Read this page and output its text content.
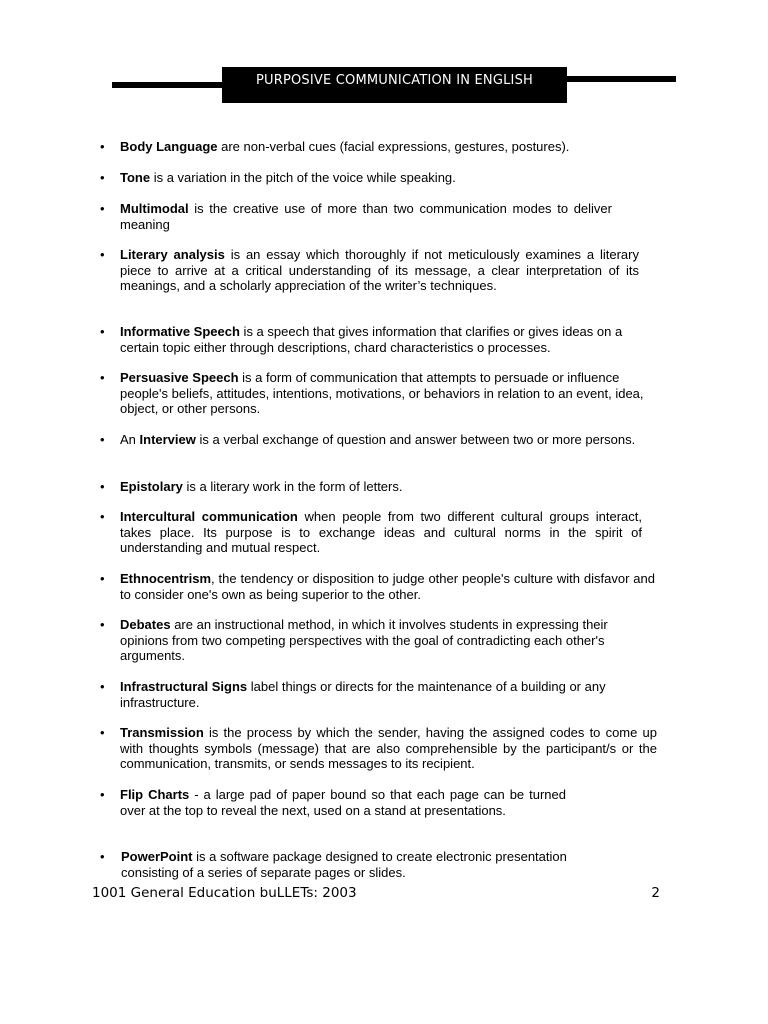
PURPOSIVE COMMUNICATION IN ENGLISH
• Body Language are non-verbal cues (facial expressions, gestures, postures).
• Tone is a variation in the pitch of the voice while speaking.
• Multimodal is the creative use of more than two communication modes to deliver meaning
• Literary analysis is an essay which thoroughly if not meticulously examines a literary piece to arrive at a critical understanding of its message, a clear interpretation of its meanings, and a scholarly appreciation of the writer’s techniques.
• Informative Speech is a speech that gives information that clarifies or gives ideas on a certain topic either through descriptions, chard characteristics o processes.
• Persuasive Speech is a form of communication that attempts to persuade or influence people's beliefs, attitudes, intentions, motivations, or behaviors in relation to an event, idea, object, or other persons.
• An Interview is a verbal exchange of question and answer between two or more persons.
• Epistolary is a literary work in the form of letters.
• Intercultural communication when people from two different cultural groups interact, takes place. Its purpose is to exchange ideas and cultural norms in the spirit of understanding and mutual respect.
• Ethnocentrism, the tendency or disposition to judge other people's culture with disfavor and to consider one's own as being superior to the other.
• Debates are an instructional method, in which it involves students in expressing their opinions from two competing perspectives with the goal of contradicting each other's arguments.
• Infrastructural Signs label things or directs for the maintenance of a building or any infrastructure.
• Transmission is the process by which the sender, having the assigned codes to come up with thoughts symbols (message) that are also comprehensible by the participant/s or the communication, transmits, or sends messages to its recipient.
• Flip Charts - a large pad of paper bound so that each page can be turned over at the top to reveal the next, used on a stand at presentations.
• PowerPoint is a software package designed to create electronic presentation consisting of a series of separate pages or slides.
1001 General Education buLLETs: 2003	2
